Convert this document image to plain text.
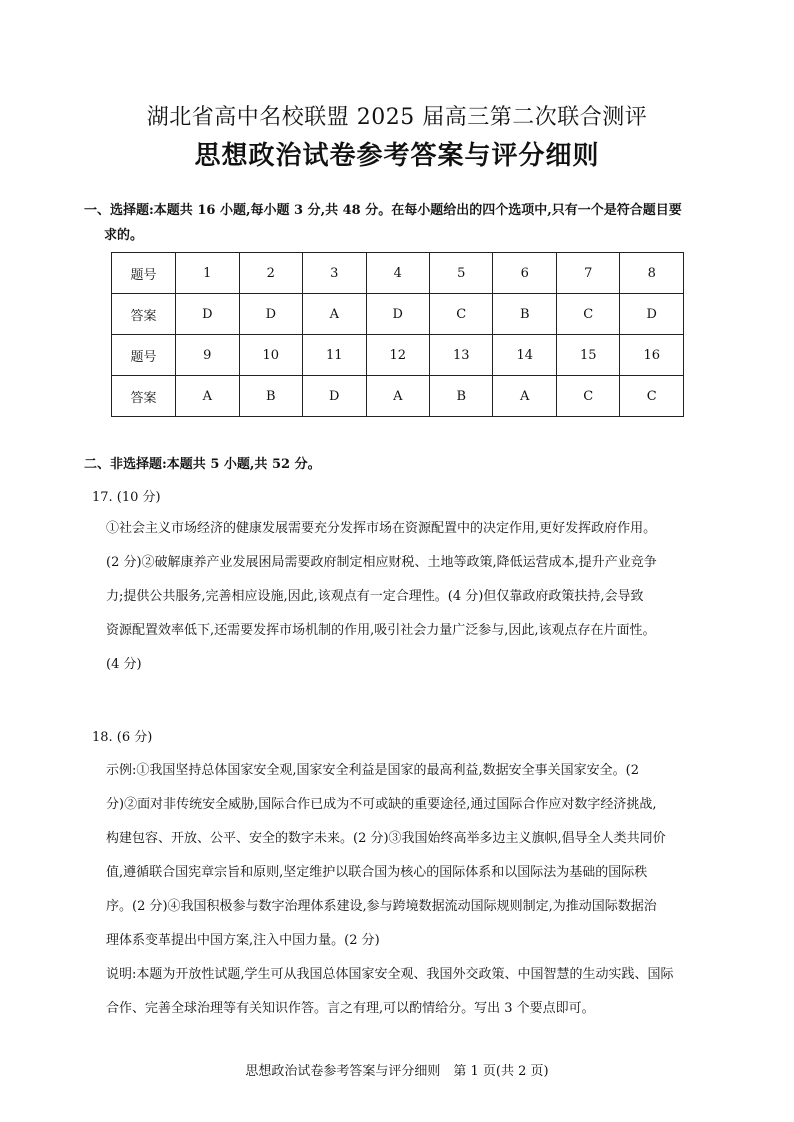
湖北省高中名校联盟 2025 届高三第二次联合测评
思想政治试卷参考答案与评分细则
一、选择题:本题共 16 小题,每小题 3 分,共 48 分。在每小题给出的四个选项中,只有一个是符合题目要
求的。
题号	1	2	3	4	5	6	7	8
答案	D	D	A	D	C	B	C	D
题号	9	10	11	12	13	14	15	16
答案	A	B	D	A	B	A	C	C
二、非选择题:本题共 5 小题,共 52 分。
17. (10 分)
①社会主义市场经济的健康发展需要充分发挥市场在资源配置中的决定作用,更好发挥政府作用。
(2 分)②破解康养产业发展困局需要政府制定相应财税、土地等政策,降低运营成本,提升产业竞争
力;提供公共服务,完善相应设施,因此,该观点有一定合理性。(4 分)但仅靠政府政策扶持,会导致
资源配置效率低下,还需要发挥市场机制的作用,吸引社会力量广泛参与,因此,该观点存在片面性。
(4 分)
18. (6 分)
示例:①我国坚持总体国家安全观,国家安全利益是国家的最高利益,数据安全事关国家安全。(2
分)②面对非传统安全威胁,国际合作已成为不可或缺的重要途径,通过国际合作应对数字经济挑战,
构建包容、开放、公平、安全的数字未来。(2 分)③我国始终高举多边主义旗帜,倡导全人类共同价
值,遵循联合国宪章宗旨和原则,坚定维护以联合国为核心的国际体系和以国际法为基础的国际秩
序。(2 分)④我国积极参与数字治理体系建设,参与跨境数据流动国际规则制定,为推动国际数据治
理体系变革提出中国方案,注入中国力量。(2 分)
说明:本题为开放性试题,学生可从我国总体国家安全观、我国外交政策、中国智慧的生动实践、国际
合作、完善全球治理等有关知识作答。言之有理,可以酌情给分。写出 3 个要点即可。
思想政治试卷参考答案与评分细则　第 1 页(共 2 页)
